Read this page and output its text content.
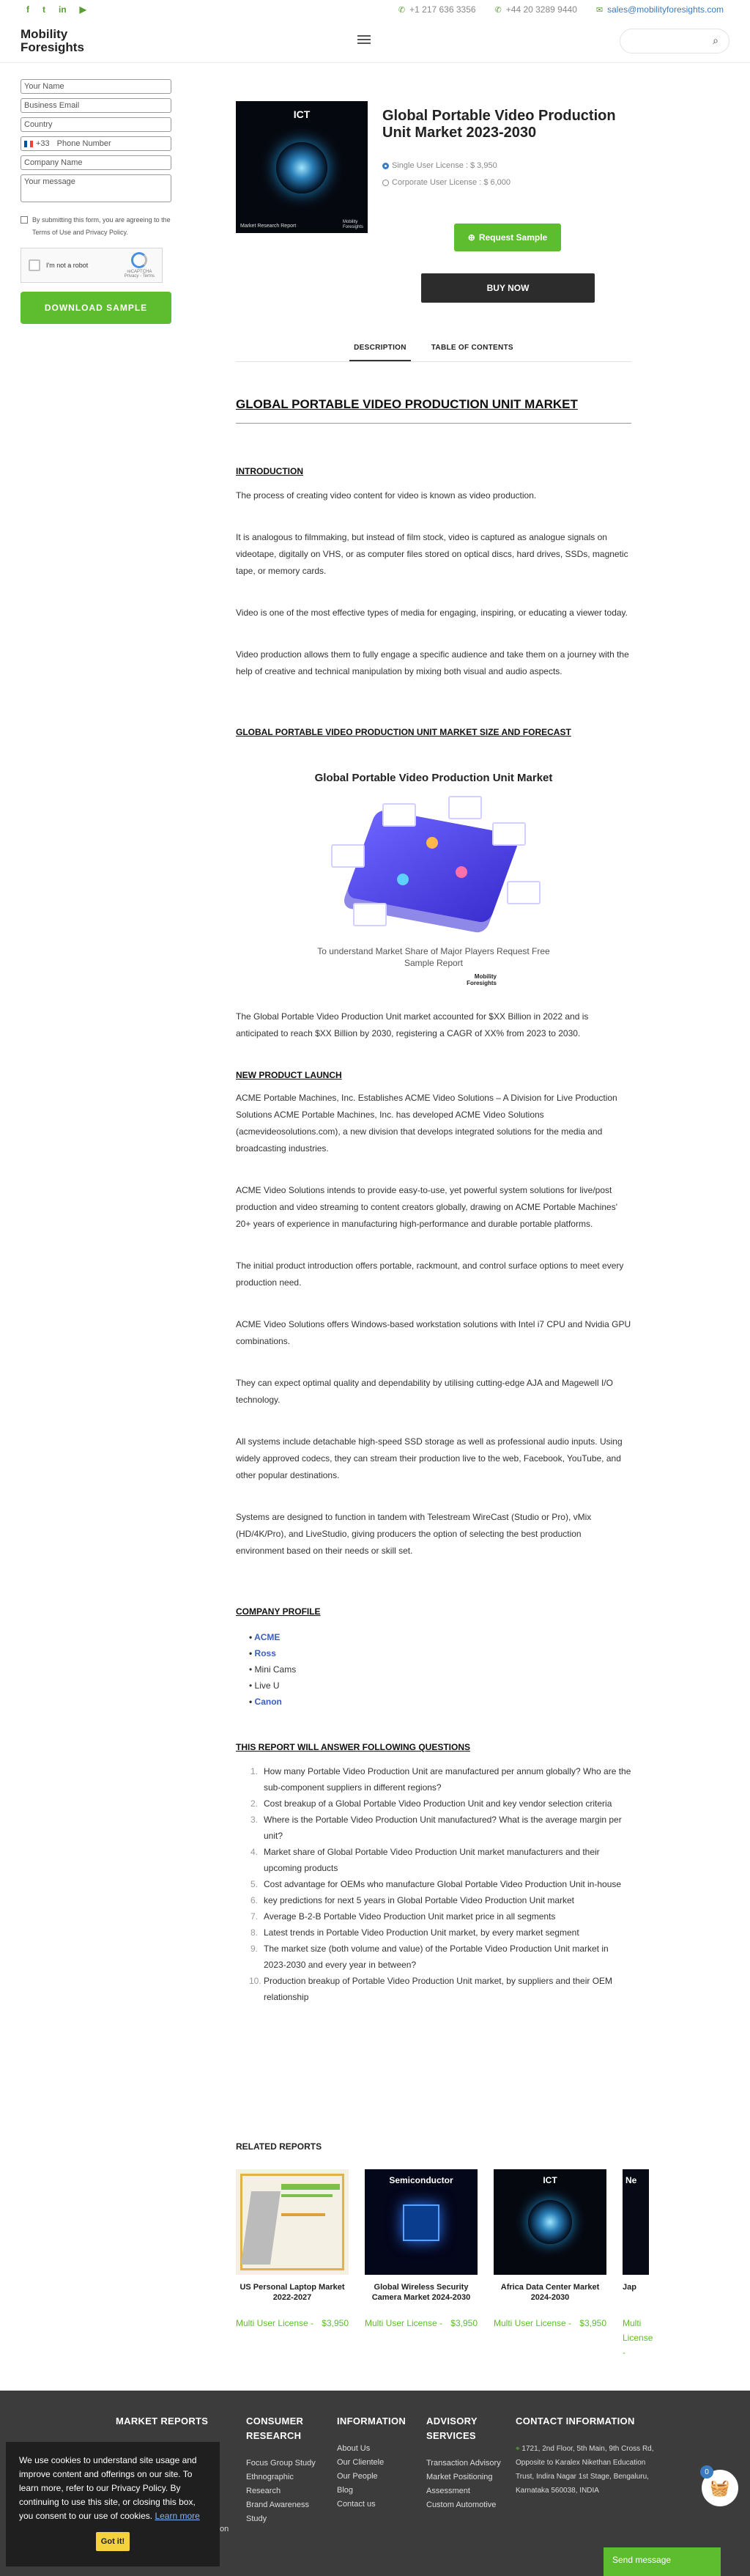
f t in ▶	✆ +1 217 636 3356 ✆ +44 20 3289 9440 ✉ sales@mobilityforesights.com
Mobility
Foresights	⌕
Your Name
Business Email
Country
+33 Phone Number
Company Name
Your message
By submitting this form, you are agreeing to the Terms of Use and Privacy Policy.
I'm not a robot
reCAPTCHA
Privacy - Terms
DOWNLOAD SAMPLE
ICT
Market Research Report
Mobility
Foresights
Global Portable Video Production Unit Market 2023-2030
Single User License : $ 3,950
Corporate User License : $ 6,000
⊕ Request Sample
BUY NOW
DESCRIPTION	TABLE OF CONTENTS
GLOBAL PORTABLE VIDEO PRODUCTION UNIT MARKET
INTRODUCTION

The process of creating video content for video is known as video production.

It is analogous to filmmaking, but instead of film stock, video is captured as analogue signals on videotape, digitally on VHS, or as computer files stored on optical discs, hard drives, SSDs, magnetic tape, or memory cards.

Video is one of the most effective types of media for engaging, inspiring, or educating a viewer today.

Video production allows them to fully engage a specific audience and take them on a journey with the help of creative and technical manipulation by mixing both visual and audio aspects.

GLOBAL PORTABLE VIDEO PRODUCTION UNIT MARKET SIZE AND FORECAST
Global Portable Video Production Unit Market
To understand Market Share of Major Players Request Free Sample Report
Mobility
Foresights

The Global Portable Video Production Unit market accounted for $XX Billion in 2022 and is anticipated to reach $XX Billion by 2030, registering a CAGR of XX% from 2023 to 2030.

NEW PRODUCT LAUNCH

ACME Portable Machines, Inc. Establishes ACME Video Solutions – A Division for Live Production Solutions ACME Portable Machines, Inc. has developed ACME Video Solutions (acmevideosolutions.com), a new division that develops integrated solutions for the media and broadcasting industries.

ACME Video Solutions intends to provide easy-to-use, yet powerful system solutions for live/post production and video streaming to content creators globally, drawing on ACME Portable Machines' 20+ years of experience in manufacturing high-performance and durable portable platforms.

The initial product introduction offers portable, rackmount, and control surface options to meet every production need.

ACME Video Solutions offers Windows-based workstation solutions with Intel i7 CPU and Nvidia GPU combinations.

They can expect optimal quality and dependability by utilising cutting-edge AJA and Magewell I/O technology.

All systems include detachable high-speed SSD storage as well as professional audio inputs. Using widely approved codecs, they can stream their production live to the web, Facebook, YouTube, and other popular destinations.

Systems are designed to function in tandem with Telestream WireCast (Studio or Pro), vMix (HD/4K/Pro), and LiveStudio, giving producers the option of selecting the best production environment based on their needs or skill set.

COMPANY PROFILE
• ACME
• Ross
• Mini Cams
• Live U
• Canon
THIS REPORT WILL ANSWER FOLLOWING QUESTIONS
1. How many Portable Video Production Unit are manufactured per annum globally? Who are the sub-component suppliers in different regions?
2. Cost breakup of a Global Portable Video Production Unit and key vendor selection criteria
3. Where is the Portable Video Production Unit manufactured? What is the average margin per unit?
4. Market share of Global Portable Video Production Unit market manufacturers and their upcoming products
5. Cost advantage for OEMs who manufacture Global Portable Video Production Unit in-house
6. key predictions for next 5 years in Global Portable Video Production Unit market
7. Average B-2-B Portable Video Production Unit market price in all segments
8. Latest trends in Portable Video Production Unit market, by every market segment
9. The market size (both volume and value) of the Portable Video Production Unit market in 2023-2030 and every year in between?
10. Production breakup of Portable Video Production Unit market, by suppliers and their OEM relationship
RELATED REPORTS
US Personal Laptop Market 2022-2027
Multi User License - $3,950
Semiconductor
Global Wireless Security Camera Market 2024-2030
Multi User License - $3,950
ICT
Africa Data Center Market 2024-2030
Multi User License - $3,950
Ne
Jap
Multi License -
MARKET REPORTS	CONSUMER RESEARCH
Focus Group Study
Ethnographic Research
Brand Awareness Study
INFORMATION
About Us
Our Clientele
Our People
Blog
Contact us
ADVISORY SERVICES
Transaction Advisory
Market Positioning Assessment
Custom Automotive
CONTACT INFORMATION
⌖ 1721, 2nd Floor, 5th Main, 9th Cross Rd, Opposite to Karalex Nikethan Education Trust, Indira Nagar 1st Stage, Bengaluru, Karnataka 560038, INDIA
on
We use cookies to understand site usage and improve content and offerings on our site. To learn more, refer to our Privacy Policy. By continuing to use this site, or closing this box, you consent to our use of cookies. Learn more
Got it!
0
🧺
Send message
